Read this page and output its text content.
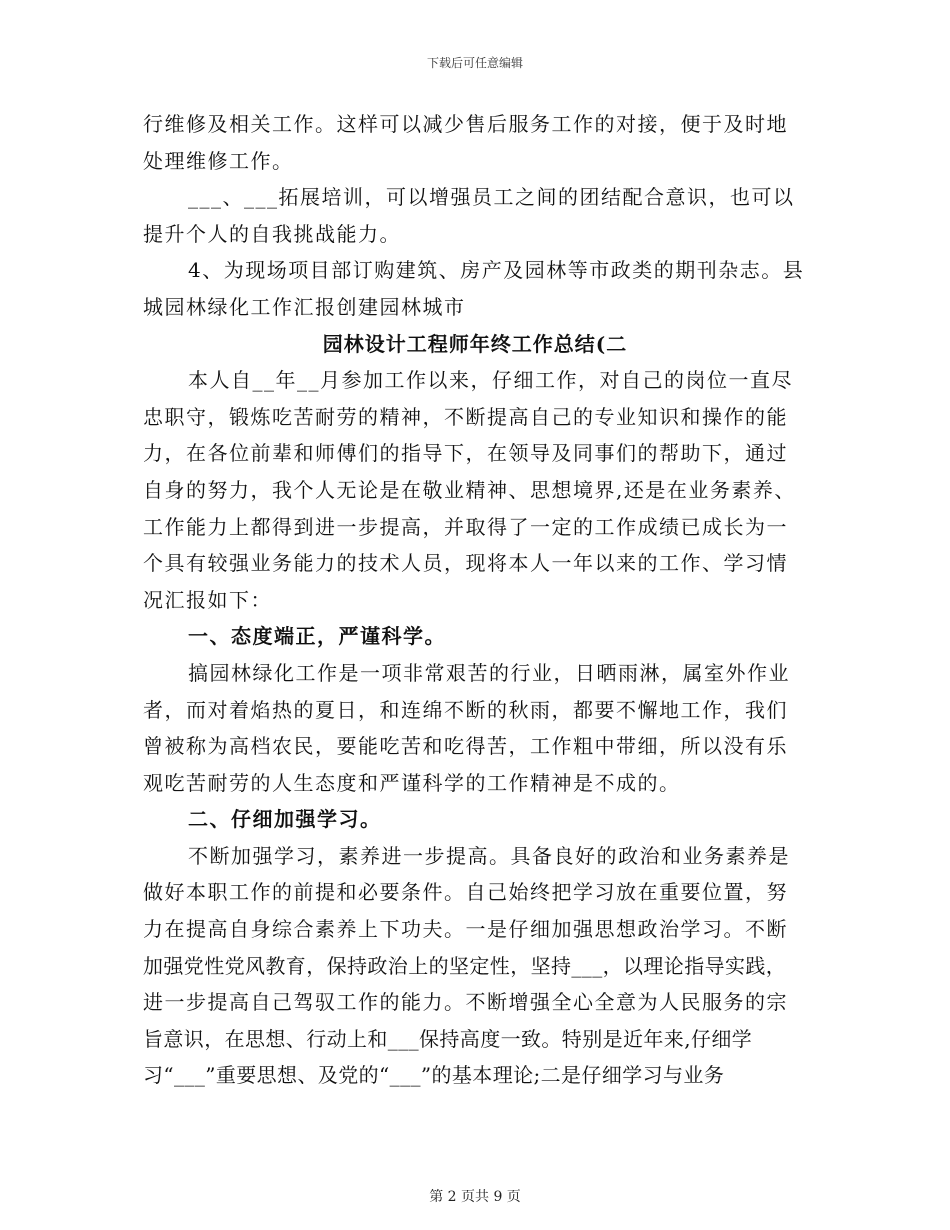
下载后可任意编辑
行维修及相关工作。这样可以减少售后服务工作的对接，便于及时地
处理维修工作。
___、___拓展培训，可以增强员工之间的团结配合意识，也可以
提升个人的自我挑战能力。
4、为现场项目部订购建筑、房产及园林等市政类的期刊杂志。县
城园林绿化工作汇报创建园林城市
园林设计工程师年终工作总结(二
本人自__年__月参加工作以来，仔细工作，对自己的岗位一直尽
忠职守，锻炼吃苦耐劳的精神，不断提高自己的专业知识和操作的能
力，在各位前辈和师傅们的指导下，在领导及同事们的帮助下，通过
自身的努力，我个人无论是在敬业精神、思想境界,还是在业务素养、
工作能力上都得到进一步提高，并取得了一定的工作成绩已成长为一
个具有较强业务能力的技术人员，现将本人一年以来的工作、学习情
况汇报如下：
一、态度端正，严谨科学。
搞园林绿化工作是一项非常艰苦的行业，日晒雨淋，属室外作业
者，而对着焰热的夏日，和连绵不断的秋雨，都要不懈地工作，我们
曾被称为高档农民，要能吃苦和吃得苦，工作粗中带细，所以没有乐
观吃苦耐劳的人生态度和严谨科学的工作精神是不成的。
二、仔细加强学习。
不断加强学习，素养进一步提高。具备良好的政治和业务素养是
做好本职工作的前提和必要条件。自己始终把学习放在重要位置，努
力在提高自身综合素养上下功夫。一是仔细加强思想政治学习。不断
加强党性党风教育，保持政治上的坚定性，坚持___，以理论指导实践，
进一步提高自己驾驭工作的能力。不断增强全心全意为人民服务的宗
旨意识，在思想、行动上和___保持高度一致。特别是近年来,仔细学
习“___”重要思想、及党的“___”的基本理论;二是仔细学习与业务
第 2 页共 9 页
